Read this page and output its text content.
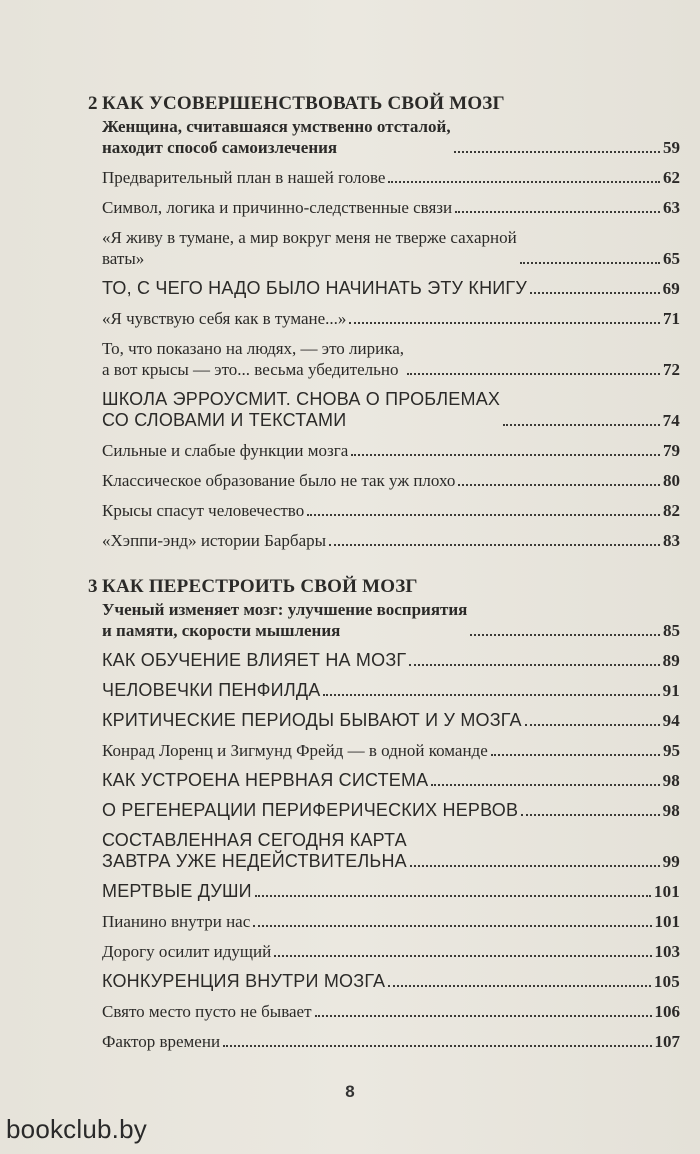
2 КАК УСОВЕРШЕНСТВОВАТЬ СВОЙ МОЗГ
Женщина, считавшаяся умственно отсталой,
находит способ самоизлечения	59
Предварительный план в нашей голове	62
Символ, логика и причинно-следственные связи	63
«Я живу в тумане, а мир вокруг меня не тверже сахарной
ваты»	65
ТО, С ЧЕГО НАДО БЫЛО НАЧИНАТЬ ЭТУ КНИГУ	69
«Я чувствую себя как в тумане...»	71
То, что показано на людях, — это лирика,
а вот крысы — это... весьма убедительно	72
ШКОЛА ЭРРОУСМИТ. СНОВА О ПРОБЛЕМАХ
СО СЛОВАМИ И ТЕКСТАМИ	74
Сильные и слабые функции мозга	79
Классическое образование было не так уж плохо	80
Крысы спасут человечество	82
«Хэппи-энд» истории Барбары	83
3 КАК ПЕРЕСТРОИТЬ СВОЙ МОЗГ
Ученый изменяет мозг: улучшение восприятия
и памяти, скорости мышления	85
КАК ОБУЧЕНИЕ ВЛИЯЕТ НА МОЗГ	89
ЧЕЛОВЕЧКИ ПЕНФИЛДА	91
КРИТИЧЕСКИЕ ПЕРИОДЫ БЫВАЮТ И У МОЗГА	94
Конрад Лоренц и Зигмунд Фрейд — в одной команде	95
КАК УСТРОЕНА НЕРВНАЯ СИСТЕМА	98
О РЕГЕНЕРАЦИИ ПЕРИФЕРИЧЕСКИХ НЕРВОВ	98
СОСТАВЛЕННАЯ СЕГОДНЯ КАРТА
ЗАВТРА УЖЕ НЕДЕЙСТВИТЕЛЬНА	99
МЕРТВЫЕ ДУШИ	101
Пианино внутри нас	101
Дорогу осилит идущий	103
КОНКУРЕНЦИЯ ВНУТРИ МОЗГА	105
Свято место пусто не бывает	106
Фактор времени	107
8
bookclub.by
